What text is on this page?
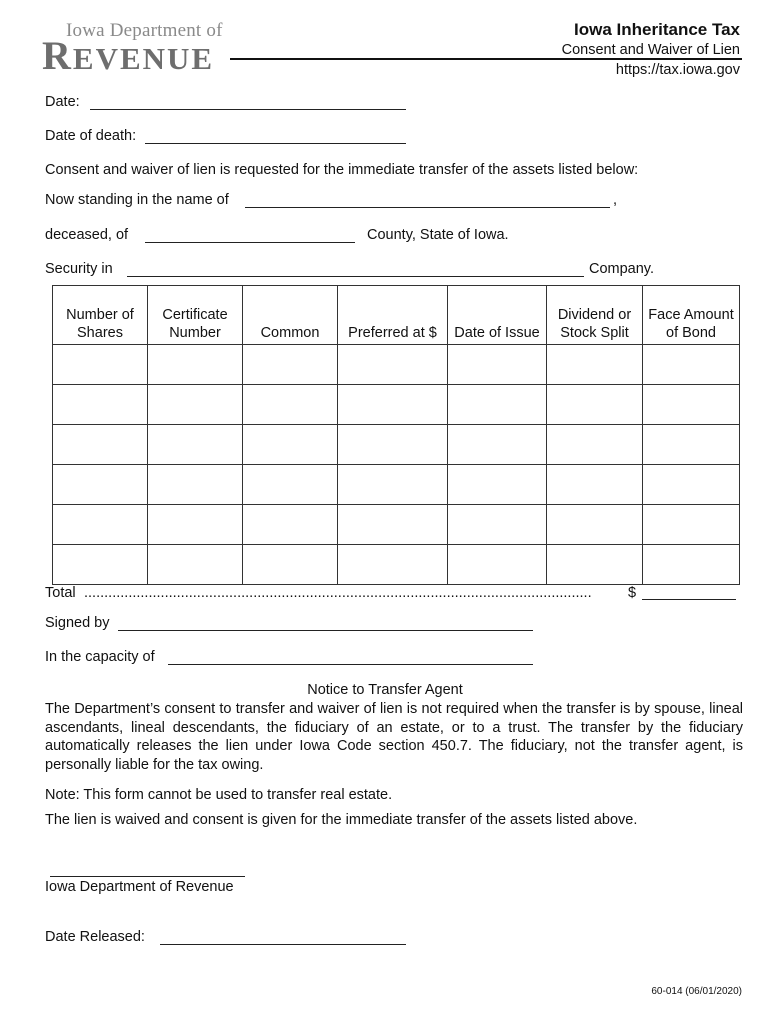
Iowa Department of
REVENUE
Iowa Inheritance Tax
Consent and Waiver of Lien
https://tax.iowa.gov
Date:
Date of death:
Consent and waiver of lien is requested for the immediate transfer of the assets listed below:
Now standing in the name of	,
deceased, of	County, State of Iowa.
Security in	Company.
Number of Shares	Certificate Number	Common	Preferred at $	Date of Issue	Dividend or Stock Split	Face Amount of Bond

Total ..............................................................................................................................	$
Signed by
In the capacity of
Notice to Transfer Agent
The Department’s consent to transfer and waiver of lien is not required when the transfer is by spouse, lineal ascendants, lineal descendants, the fiduciary of an estate, or to a trust. The transfer by the fiduciary automatically releases the lien under Iowa Code section 450.7. The fiduciary, not the transfer agent, is personally liable for the tax owing.
Note: This form cannot be used to transfer real estate.
The lien is waived and consent is given for the immediate transfer of the assets listed above.
Iowa Department of Revenue
Date Released:
60-014 (06/01/2020)
